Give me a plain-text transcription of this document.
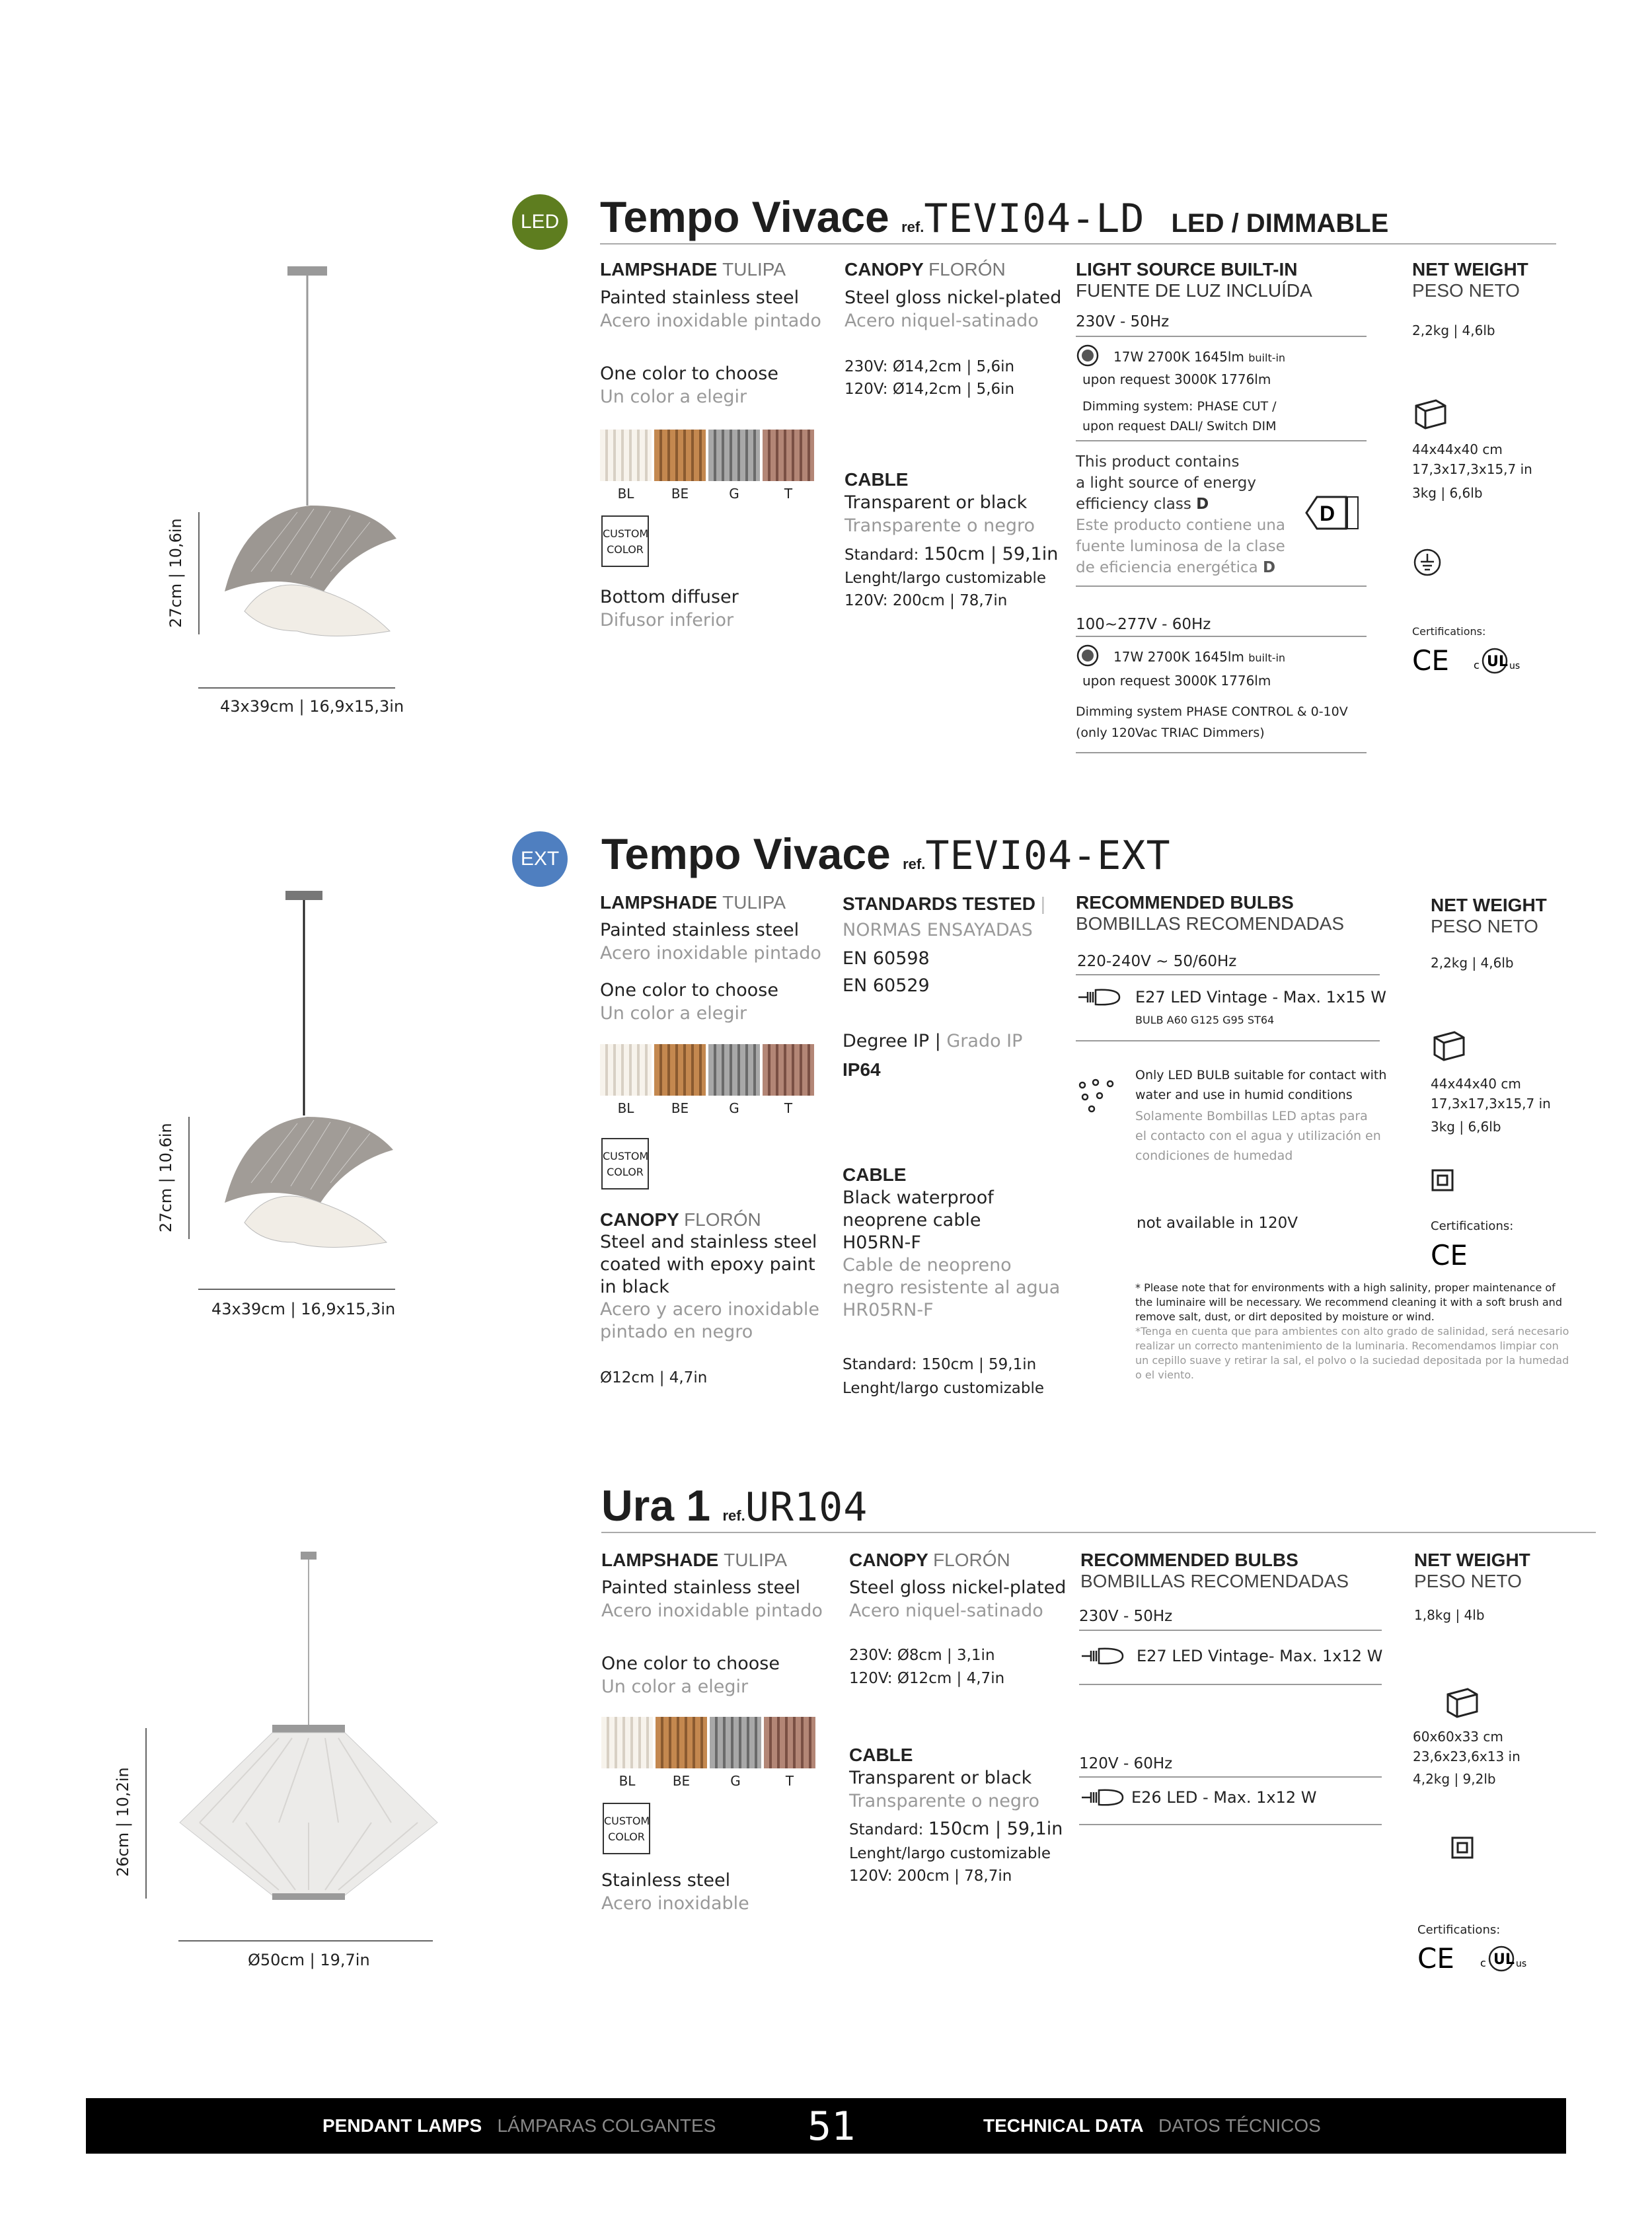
LED Tempo Vivace ref.TEVI04-LD LED / DIMMABLE
27cm | 10,6in
43x39cm | 16,9x15,3in
LAMPSHADE TULIPA
Painted stainless steel
Acero inoxidable pintado
One color to choose
Un color a elegir
BL	BE	G	T
CUSTOM
COLOR
Bottom diffuser
Difusor inferior
CANOPY FLORÓN
Steel gloss nickel-plated
Acero niquel-satinado
230V: Ø14,2cm | 5,6in
120V: Ø14,2cm | 5,6in
CABLE
Transparent or black
Transparente o negro
Standard: 150cm | 59,1in
Lenght/largo customizable
120V: 200cm | 78,7in
LIGHT SOURCE BUILT-IN
FUENTE DE LUZ INCLUÍDA
230V - 50Hz
17W 2700K 1645lm built-in
upon request 3000K 1776lm
Dimming system: PHASE CUT /
upon request DALI/ Switch DIM
This product contains
a light source of energy
efficiency class D
Este producto contiene una
fuente luminosa de la clase
de eficiencia energética D
D
100~277V - 60Hz
17W 2700K 1645lm built-in
upon request 3000K 1776lm
Dimming system PHASE CONTROL & 0-10V
(only 120Vac TRIAC Dimmers)
NET WEIGHT
PESO NETO
2,2kg | 4,6lb
44x44x40 cm
17,3x17,3x15,7 in
3kg | 6,6lb
Certifications:
CE c UL us
EXT Tempo Vivace ref.TEVI04-EXT
27cm | 10,6in
43x39cm | 16,9x15,3in
LAMPSHADE TULIPA
Painted stainless steel
Acero inoxidable pintado
One color to choose
Un color a elegir
BL	BE	G	T
CUSTOM
COLOR
CANOPY FLORÓN
Steel and stainless steel
coated with epoxy paint
in black
Acero y acero inoxidable
pintado en negro
Ø12cm | 4,7in
STANDARDS TESTED |
NORMAS ENSAYADAS
EN 60598
EN 60529
Degree IP | Grado IP
IP64
CABLE
Black waterproof
neoprene cable
H05RN-F
Cable de neopreno
negro resistente al agua
HR05RN-F
Standard: 150cm | 59,1in
Lenght/largo customizable
RECOMMENDED BULBS
BOMBILLAS RECOMENDADAS
220-240V ~ 50/60Hz
E27 LED Vintage - Max. 1x15 W
BULB A60 G125 G95 ST64
Only LED BULB suitable for contact with
water and use in humid conditions
Solamente Bombillas LED aptas para
el contacto con el agua y utilización en
condiciones de humedad
not available in 120V
* Please note that for environments with a high salinity, proper maintenance of
the luminaire will be necessary. We recommend cleaning it with a soft brush and
remove salt, dust, or dirt deposited by moisture or wind.
*Tenga en cuenta que para ambientes con alto grado de salinidad, será necesario
realizar un correcto mantenimiento de la luminaria. Recomendamos limpiar con
un cepillo suave y retirar la sal, el polvo o la suciedad depositada por la humedad
o el viento.
NET WEIGHT
PESO NETO
2,2kg | 4,6lb
44x44x40 cm
17,3x17,3x15,7 in
3kg | 6,6lb
Certifications:
CE
Ura 1 ref.UR104
26cm | 10,2in
Ø50cm | 19,7in
LAMPSHADE TULIPA
Painted stainless steel
Acero inoxidable pintado
One color to choose
Un color a elegir
BL	BE	G	T
CUSTOM
COLOR
Stainless steel
Acero inoxidable
CANOPY FLORÓN
Steel gloss nickel-plated
Acero niquel-satinado
230V: Ø8cm | 3,1in
120V: Ø12cm | 4,7in
CABLE
Transparent or black
Transparente o negro
Standard: 150cm | 59,1in
Lenght/largo customizable
120V: 200cm | 78,7in
RECOMMENDED BULBS
BOMBILLAS RECOMENDADAS
230V - 50Hz
E27 LED Vintage- Max. 1x12 W
120V - 60Hz
E26 LED - Max. 1x12 W
NET WEIGHT
PESO NETO
1,8kg | 4lb
60x60x33 cm
23,6x23,6x13 in
4,2kg | 9,2lb
Certifications:
CE c UL us
PENDANT LAMPS LÁMPARAS COLGANTES 51	TECHNICAL DATA DATOS TÉCNICOS
